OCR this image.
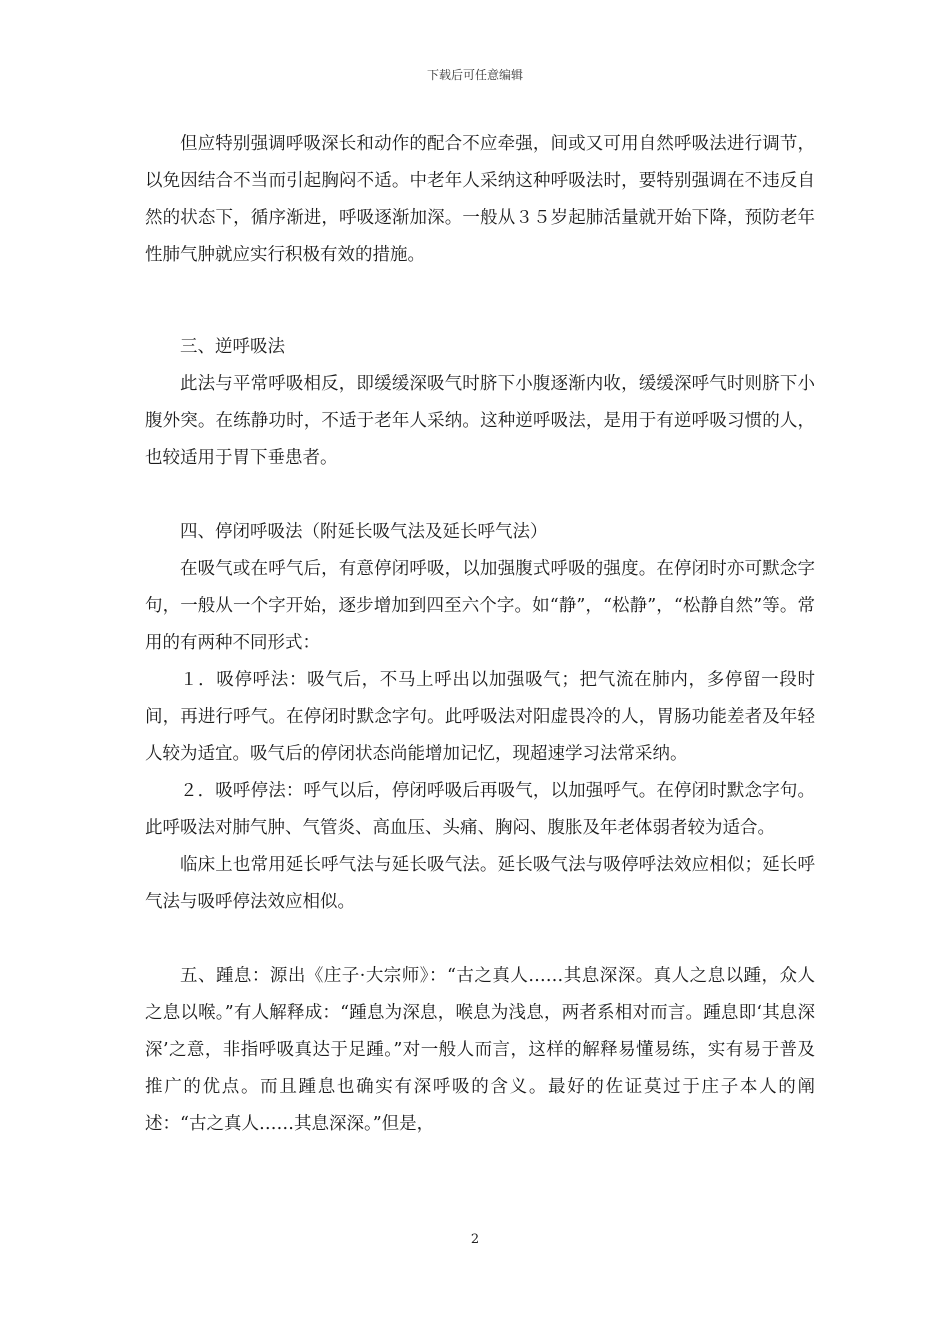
下载后可任意编辑

但应特别强调呼吸深长和动作的配合不应牵强，间或又可用自然呼吸法进行调节，以免因结合不当而引起胸闷不适。中老年人采纳这种呼吸法时，要特别强调在不违反自然的状态下，循序渐进，呼吸逐渐加深。一般从３５岁起肺活量就开始下降，预防老年性肺气肿就应实行积极有效的措施。

三、逆呼吸法

此法与平常呼吸相反，即缓缓深吸气时脐下小腹逐渐内收，缓缓深呼气时则脐下小腹外突。在练静功时，不适于老年人采纳。这种逆呼吸法，是用于有逆呼吸习惯的人，也较适用于胃下垂患者。

四、停闭呼吸法（附延长吸气法及延长呼气法）

在吸气或在呼气后，有意停闭呼吸，以加强腹式呼吸的强度。在停闭时亦可默念字句，一般从一个字开始，逐步增加到四至六个字。如“静”，“松静”，“松静自然”等。常用的有两种不同形式：

１．吸停呼法：吸气后，不马上呼出以加强吸气；把气流在肺内，多停留一段时间，再进行呼气。在停闭时默念字句。此呼吸法对阳虚畏冷的人，胃肠功能差者及年轻人较为适宜。吸气后的停闭状态尚能增加记忆，现超速学习法常采纳。

２．吸呼停法：呼气以后，停闭呼吸后再吸气，以加强呼气。在停闭时默念字句。此呼吸法对肺气肿、气管炎、高血压、头痛、胸闷、腹胀及年老体弱者较为适合。

临床上也常用延长呼气法与延长吸气法。延长吸气法与吸停呼法效应相似；延长呼气法与吸呼停法效应相似。

五、踵息：源出《庄子·大宗师》：“古之真人……其息深深。真人之息以踵，众人之息以喉。”有人解释成：“踵息为深息，喉息为浅息，两者系相对而言。踵息即‘其息深深’之意，非指呼吸真达于足踵。”对一般人而言，这样的解释易懂易练，实有易于普及推广的优点。而且踵息也确实有深呼吸的含义。最好的佐证莫过于庄子本人的阐述：“古之真人……其息深深。”但是，

2
